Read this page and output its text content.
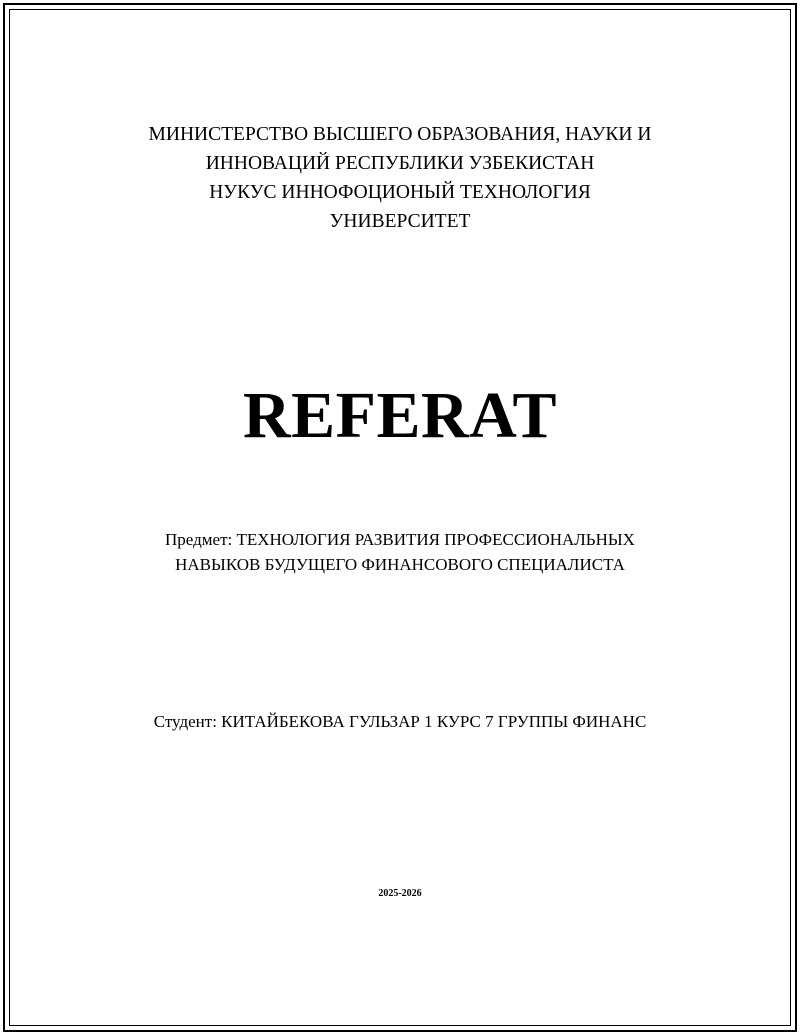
МИНИСТЕРСТВО ВЫСШЕГО ОБРАЗОВАНИЯ, НАУКИ И
ИННОВАЦИЙ РЕСПУБЛИКИ УЗБЕКИСТАН
НУКУС ИННОФОЦИОНЫЙ ТЕХНОЛОГИЯ
УНИВЕРСИТЕТ
REFERAT
Предмет: ТЕХНОЛОГИЯ РАЗВИТИЯ ПРОФЕССИОНАЛЬНЫХ
НАВЫКОВ БУДУЩЕГО ФИНАНСОВОГО СПЕЦИАЛИСТА
Студент: КИТАЙБЕКОВА ГУЛЬЗАР 1 КУРС 7 ГРУППЫ ФИНАНС
2025-2026
